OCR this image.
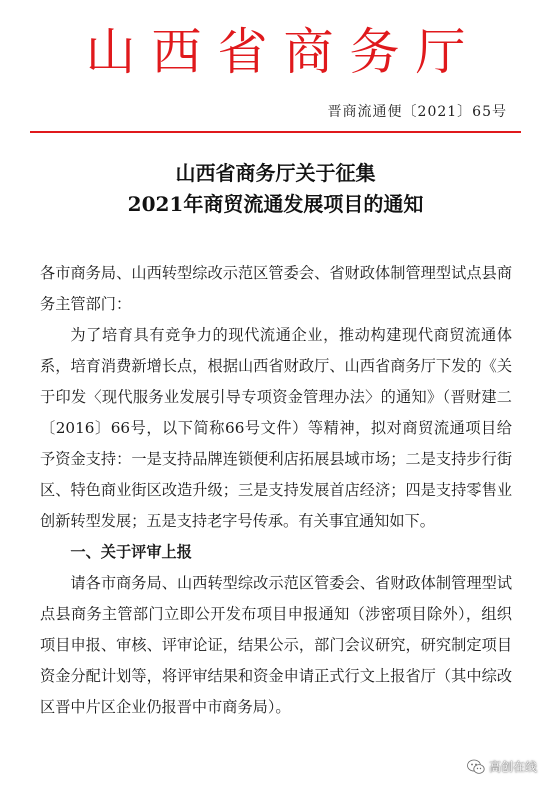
山西省商务厅
晋商流通便〔2021〕65号
山西省商务厅关于征集
2021年商贸流通发展项目的通知

各市商务局、山西转型综改示范区管委会、省财政体制管理型试点县商务主管部门：

为了培育具有竞争力的现代流通企业，推动构建现代商贸流通体系，培育消费新增长点，根据山西省财政厅、山西省商务厅下发的《关于印发〈现代服务业发展引导专项资金管理办法〉的通知》（晋财建二〔2016〕66号，以下简称66号文件）等精神，拟对商贸流通项目给予资金支持：一是支持品牌连锁便利店拓展县域市场；二是支持步行街区、特色商业街区改造升级；三是支持发展首店经济；四是支持零售业创新转型发展；五是支持老字号传承。有关事宜通知如下。

一、关于评审上报

请各市商务局、山西转型综改示范区管委会、省财政体制管理型试点县商务主管部门立即公开发布项目申报通知（涉密项目除外），组织项目申报、审核、评审论证，结果公示，部门会议研究，研究制定项目资金分配计划等，将评审结果和资金申请正式行文上报省厅（其中综改区晋中片区企业仍报晋中市商务局）。

高创在线
